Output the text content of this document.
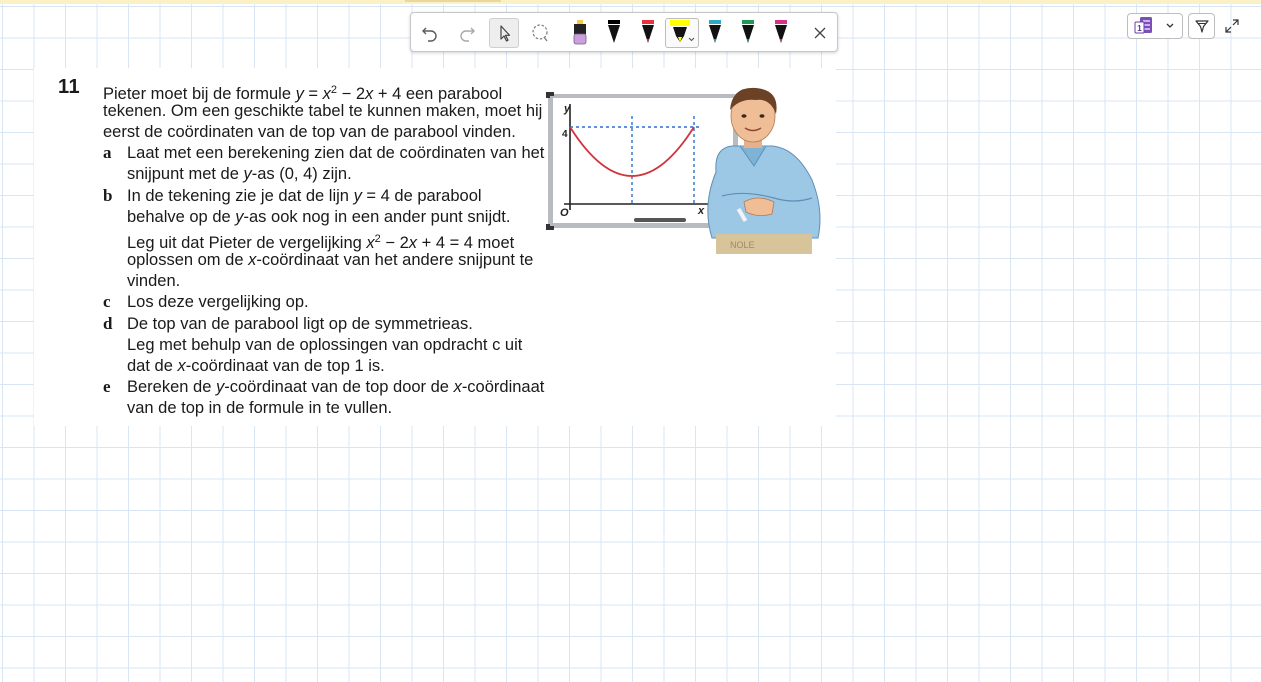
1
11 Pieter moet bij de formule $y = x^2 - 2x + 4$ een parabool
tekenen. Om een geschikte tabel te kunnen maken, moet hij
eerst de coördinaten van de top van de parabool vinden.
a Laat met een berekening zien dat de coördinaten van het
snijpunt met de y-as (0, 4) zijn.
b In de tekening zie je dat de lijn y = 4 de parabool
behalve op de y-as ook nog in een ander punt snijdt.
Leg uit dat Pieter de vergelijking $x^2 - 2x + 4 = 4$ moet
oplossen om de x-coördinaat van het andere snijpunt te
vinden.
c Los deze vergelijking op.
d De top van de parabool ligt op de symmetrieas.
Leg met behulp van de oplossingen van opdracht c uit
dat de x-coördinaat van de top 1 is.
e Bereken de y-coördinaat van de top door de x-coördinaat
van de top in de formule in te vullen.
y
x
O
4
NOLE
